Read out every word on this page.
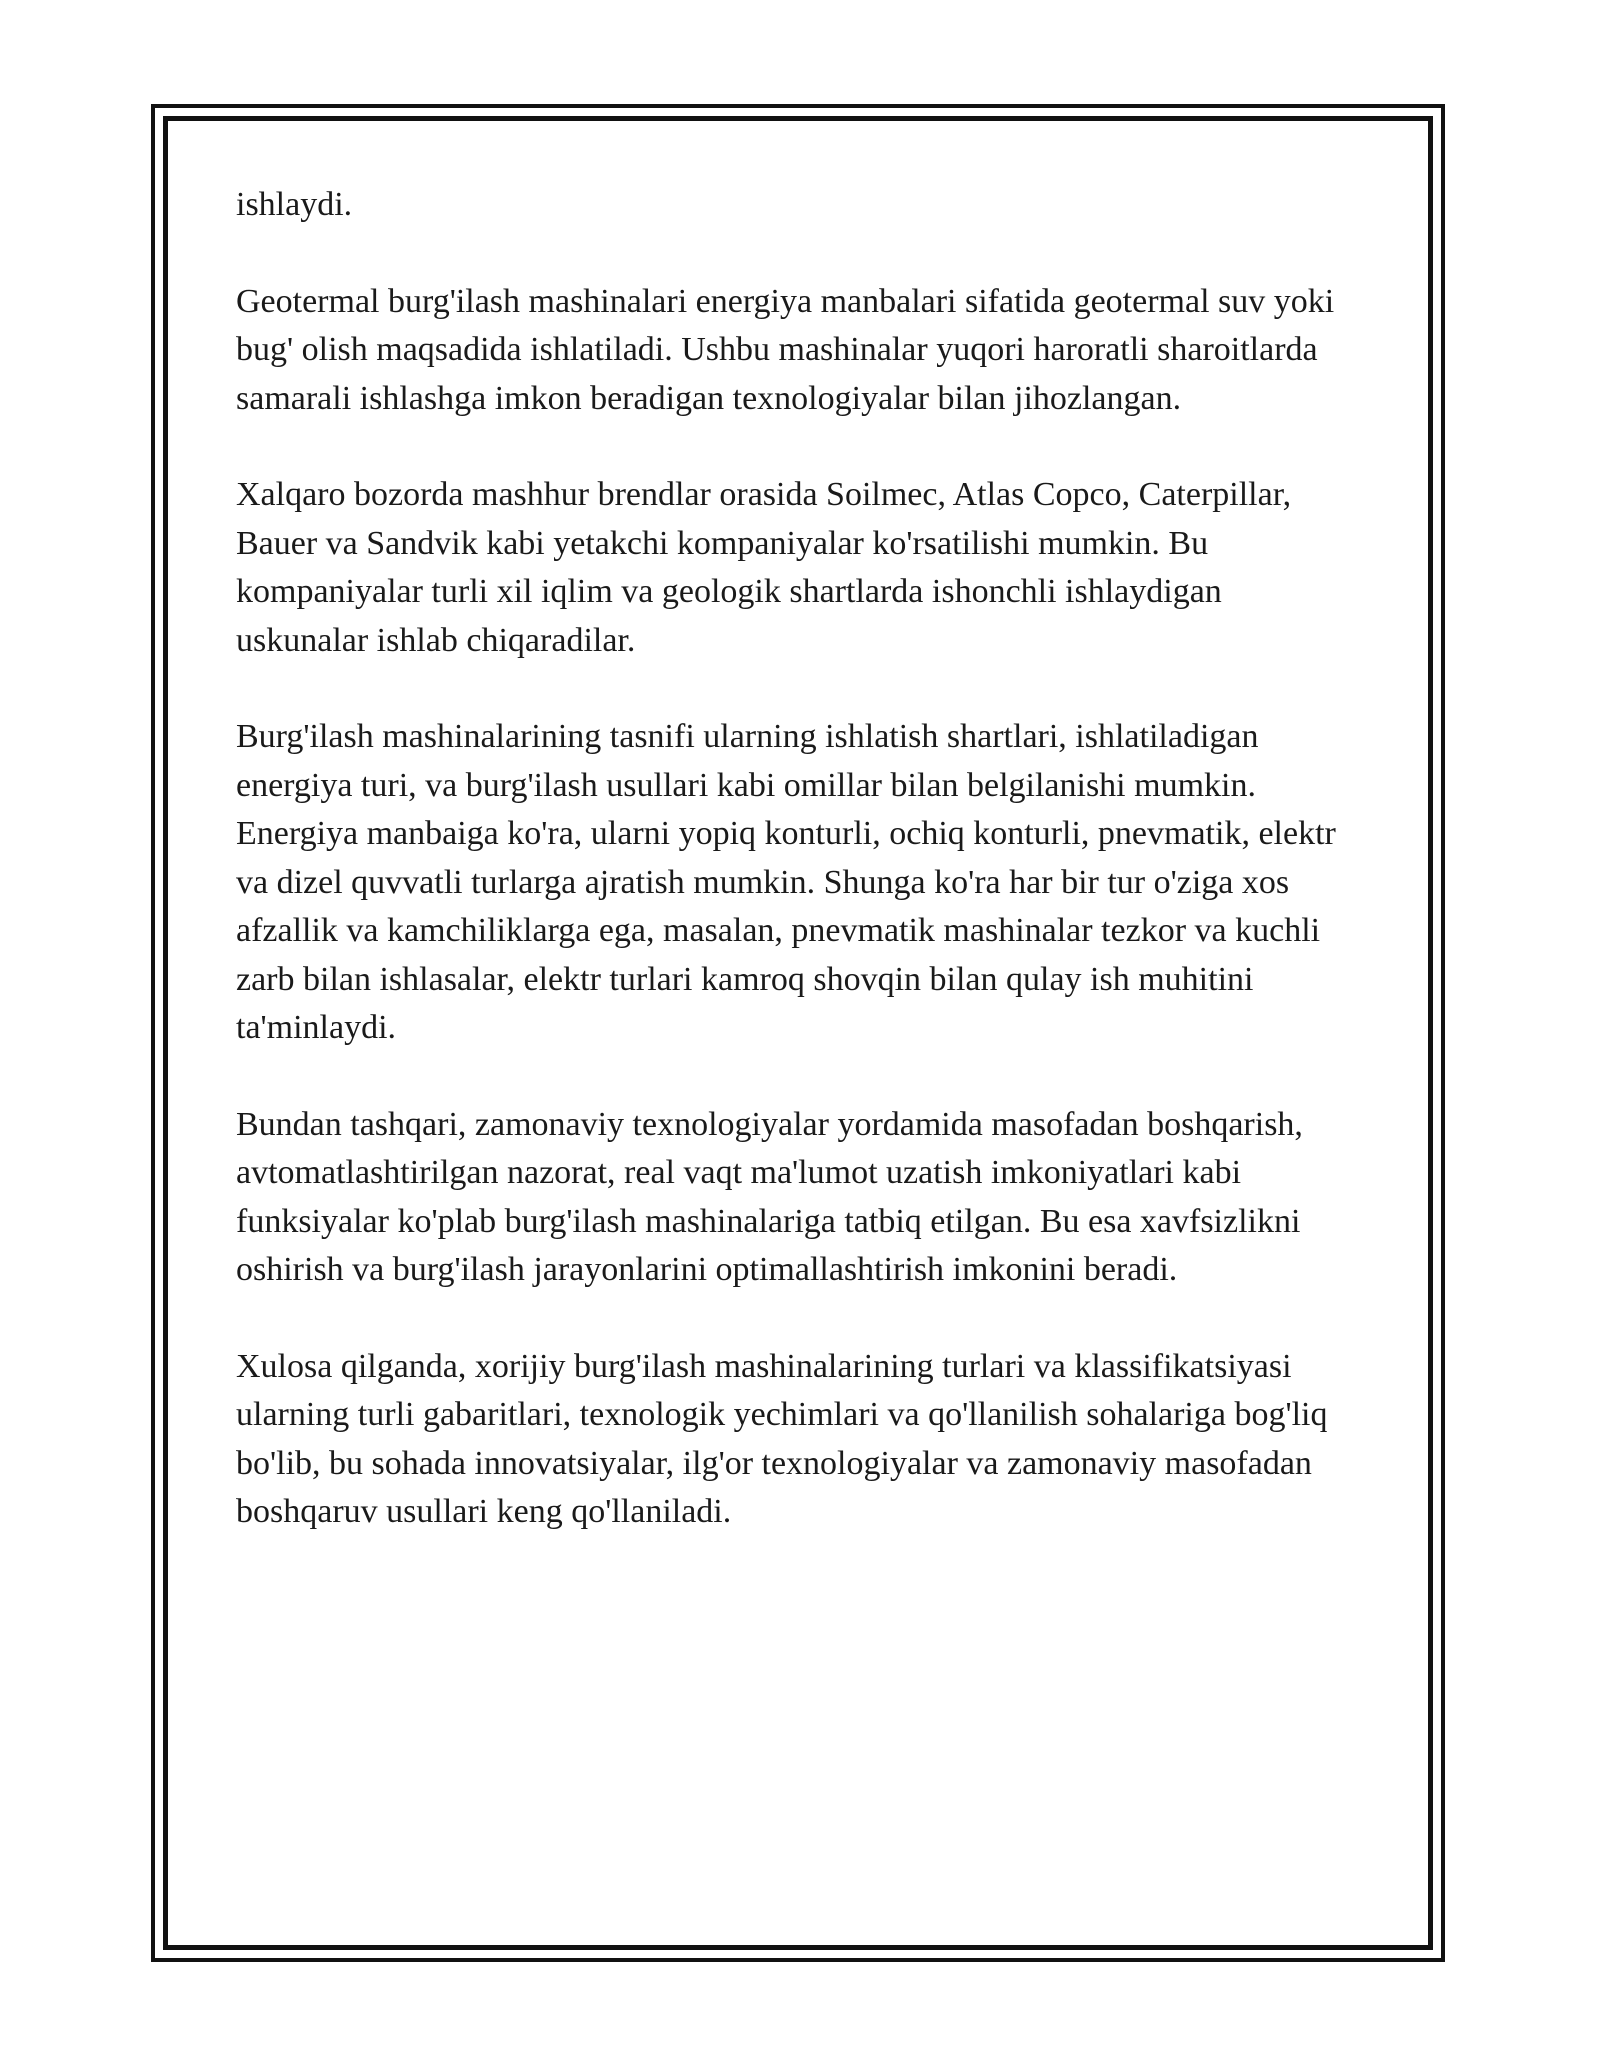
ishlaydi.

Geotermal burg'ilash mashinalari energiya manbalari sifatida geotermal suv yoki bug' olish maqsadida ishlatiladi. Ushbu mashinalar yuqori haroratli sharoitlarda samarali ishlashga imkon beradigan texnologiyalar bilan jihozlangan.

Xalqaro bozorda mashhur brendlar orasida Soilmec, Atlas Copco, Caterpillar, Bauer va Sandvik kabi yetakchi kompaniyalar ko'rsatilishi mumkin. Bu kompaniyalar turli xil iqlim va geologik shartlarda ishonchli ishlaydigan uskunalar ishlab chiqaradilar.

Burg'ilash mashinalarining tasnifi ularning ishlatish shartlari, ishlatiladigan energiya turi, va burg'ilash usullari kabi omillar bilan belgilanishi mumkin. Energiya manbaiga ko'ra, ularni yopiq konturli, ochiq konturli, pnevmatik, elektr va dizel quvvatli turlarga ajratish mumkin. Shunga ko'ra har bir tur o'ziga xos afzallik va kamchiliklarga ega, masalan, pnevmatik mashinalar tezkor va kuchli zarb bilan ishlasalar, elektr turlari kamroq shovqin bilan qulay ish muhitini ta'minlaydi.

Bundan tashqari, zamonaviy texnologiyalar yordamida masofadan boshqarish, avtomatlashtirilgan nazorat, real vaqt ma'lumot uzatish imkoniyatlari kabi funksiyalar ko'plab burg'ilash mashinalariga tatbiq etilgan. Bu esa xavfsizlikni oshirish va burg'ilash jarayonlarini optimallashtirish imkonini beradi.

Xulosa qilganda, xorijiy burg'ilash mashinalarining turlari va klassifikatsiyasi ularning turli gabaritlari, texnologik yechimlari va qo'llanilish sohalariga bog'liq bo'lib, bu sohada innovatsiyalar, ilg'or texnologiyalar va zamonaviy masofadan boshqaruv usullari keng qo'llaniladi.
